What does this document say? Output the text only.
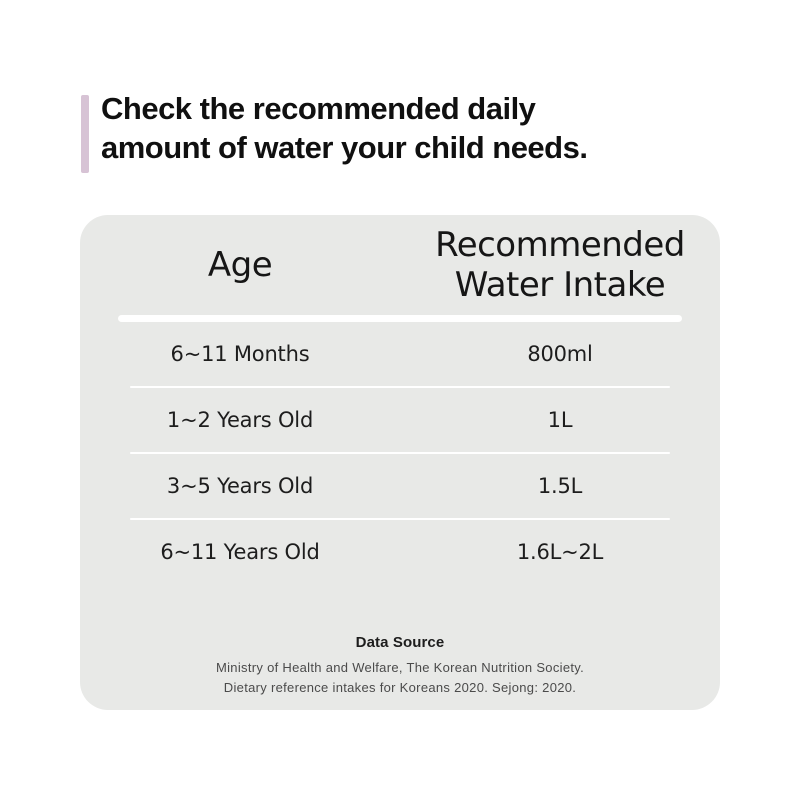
Check the recommended daily
amount of water your child needs.
Age	Recommended Water Intake
6~11 Months	800ml
1~2 Years Old	1L
3~5 Years Old	1.5L
6~11 Years Old	1.6L~2L
Data Source
Ministry of Health and Welfare, The Korean Nutrition Society.
Dietary reference intakes for Koreans 2020. Sejong: 2020.
